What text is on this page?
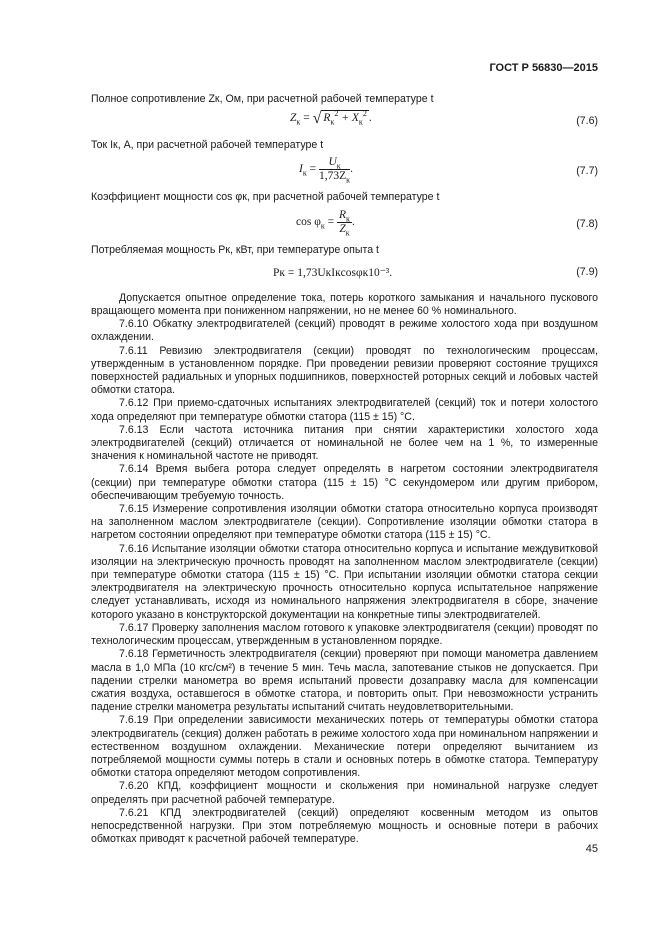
ГОСТ Р 56830—2015

Полное сопротивление Zк, Ом, при расчетной рабочей температуре t

$Z_к$ = √ $R_к^2 + X_к^2$ .	(7.6)

Ток Iк, А, при расчетной рабочей температуре t

$I_к = \frac{U_к}{1,73Z_к}$ .	(7.7)

Коэффициент мощности cos φк, при расчетной рабочей температуре t

$\cos \varphi_к = \frac{R_к}{Z_к}$ .	(7.8)

Потребляемая мощность Pк, кВт, при температуре опыта t

Pк = 1,73UкIкcosφк10⁻³.	(7.9)

Допускается опытное определение тока, потерь короткого замыкания и начального пускового вращающего момента при пониженном напряжении, но не менее 60 % номинального.

7.6.10 Обкатку электродвигателей (секций) проводят в режиме холостого хода при воздушном охлаждении.

7.6.11 Ревизию электродвигателя (секции) проводят по технологическим процессам, утвержденным в установленном порядке. При проведении ревизии проверяют состояние трущихся поверхностей радиальных и упорных подшипников, поверхностей роторных секций и лобовых частей обмотки статора.

7.6.12 При приемо-сдаточных испытаниях электродвигателей (секций) ток и потери холостого хода определяют при температуре обмотки статора (115 ± 15) °С.

7.6.13 Если частота источника питания при снятии характеристики холостого хода электродвигателей (секций) отличается от номинальной не более чем на 1 %, то измеренные значения к номинальной частоте не приводят.

7.6.14 Время выбега ротора следует определять в нагретом состоянии электродвигателя (секции) при температуре обмотки статора (115 ± 15) °С секундомером или другим прибором, обеспечивающим требуемую точность.

7.6.15 Измерение сопротивления изоляции обмотки статора относительно корпуса производят на заполненном маслом электродвигателе (секции). Сопротивление изоляции обмотки статора в нагретом состоянии определяют при температуре обмотки статора (115 ± 15) °С.

7.6.16 Испытание изоляции обмотки статора относительно корпуса и испытание междувитковой изоляции на электрическую прочность проводят на заполненном маслом электродвигателе (секции) при температуре обмотки статора (115 ± 15) °С. При испытании изоляции обмотки статора секции электродвигателя на электрическую прочность относительно корпуса испытательное напряжение следует устанавливать, исходя из номинального напряжения электродвигателя в сборе, значение которого указано в конструкторской документации на конкретные типы электродвигателей.

7.6.17 Проверку заполнения маслом готового к упаковке электродвигателя (секции) проводят по технологическим процессам, утвержденным в установленном порядке.

7.6.18 Герметичность электродвигателя (секции) проверяют при помощи манометра давлением масла в 1,0 МПа (10 кгс/см²) в течение 5 мин. Течь масла, запотевание стыков не допускается. При падении стрелки манометра во время испытаний провести дозаправку масла для компенсации сжатия воздуха, оставшегося в обмотке статора, и повторить опыт. При невозможности устранить падение стрелки манометра результаты испытаний считать неудовлетворительными.

7.6.19 При определении зависимости механических потерь от температуры обмотки статора электродвигатель (секция) должен работать в режиме холостого хода при номинальном напряжении и естественном воздушном охлаждении. Механические потери определяют вычитанием из потребляемой мощности суммы потерь в стали и основных потерь в обмотке статора. Температуру обмотки статора определяют методом сопротивления.

7.6.20 КПД, коэффициент мощности и скольжения при номинальной нагрузке следует определять при расчетной рабочей температуре.

7.6.21 КПД электродвигателей (секций) определяют косвенным методом из опытов непосредственной нагрузки. При этом потребляемую мощность и основные потери в рабочих обмотках приводят к расчетной рабочей температуре.

45
